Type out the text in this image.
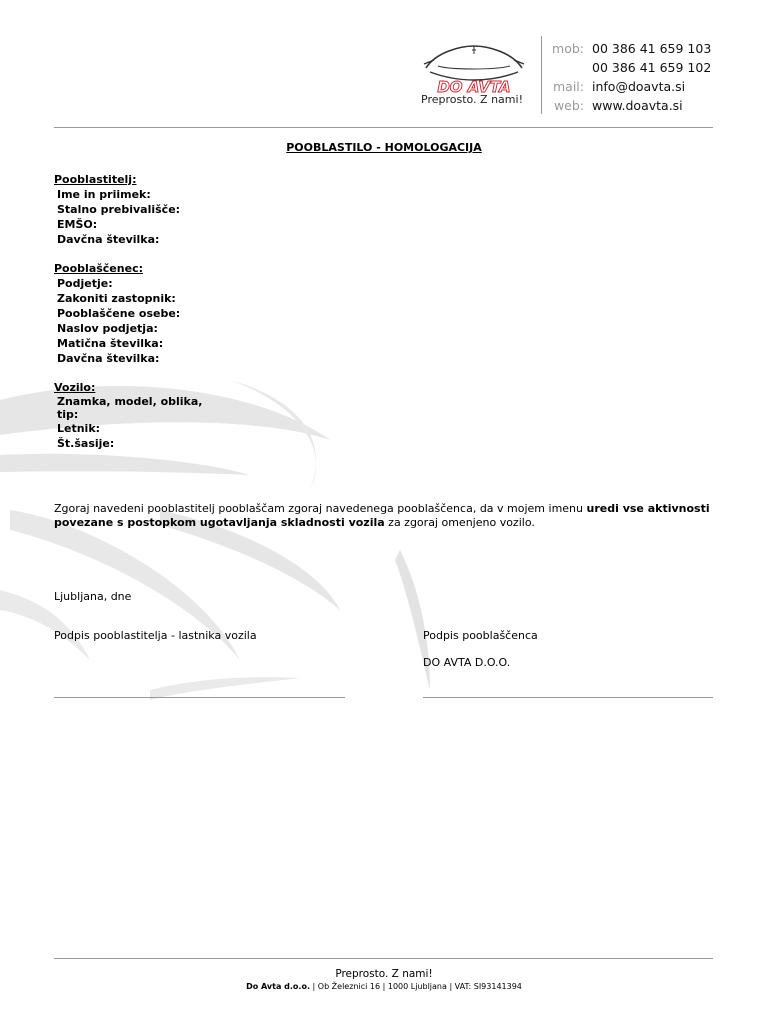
DO AVTA
Preprosto. Z nami!
mob: 00 386 41 659 103
00 386 41 659 102
mail: info@doavta.si
web: www.doavta.si
POOBLASTILO - HOMOLOGACIJA
Pooblastitelj:
Ime in priimek:
Stalno prebivališče:
EMŠO:
Davčna številka:
Pooblaščenec:
Podjetje:
Zakoniti zastopnik:
Pooblaščene osebe:
Naslov podjetja:
Matična številka:
Davčna številka:
Vozilo:
Znamka, model, oblika,
tip:
Letnik:
Št.šasije:
Zgoraj navedeni pooblastitelj pooblaščam zgoraj navedenega pooblaščenca, da v mojem imenu uredi vse aktivnosti povezane s postopkom ugotavljanja skladnosti vozila za zgoraj omenjeno vozilo.
Ljubljana, dne
Podpis pooblastitelja - lastnika vozila	Podpis pooblaščenca
DO AVTA D.O.O.
Preprosto. Z nami!
Do Avta d.o.o. | Ob Železnici 16 | 1000 Ljubljana | VAT: SI93141394
